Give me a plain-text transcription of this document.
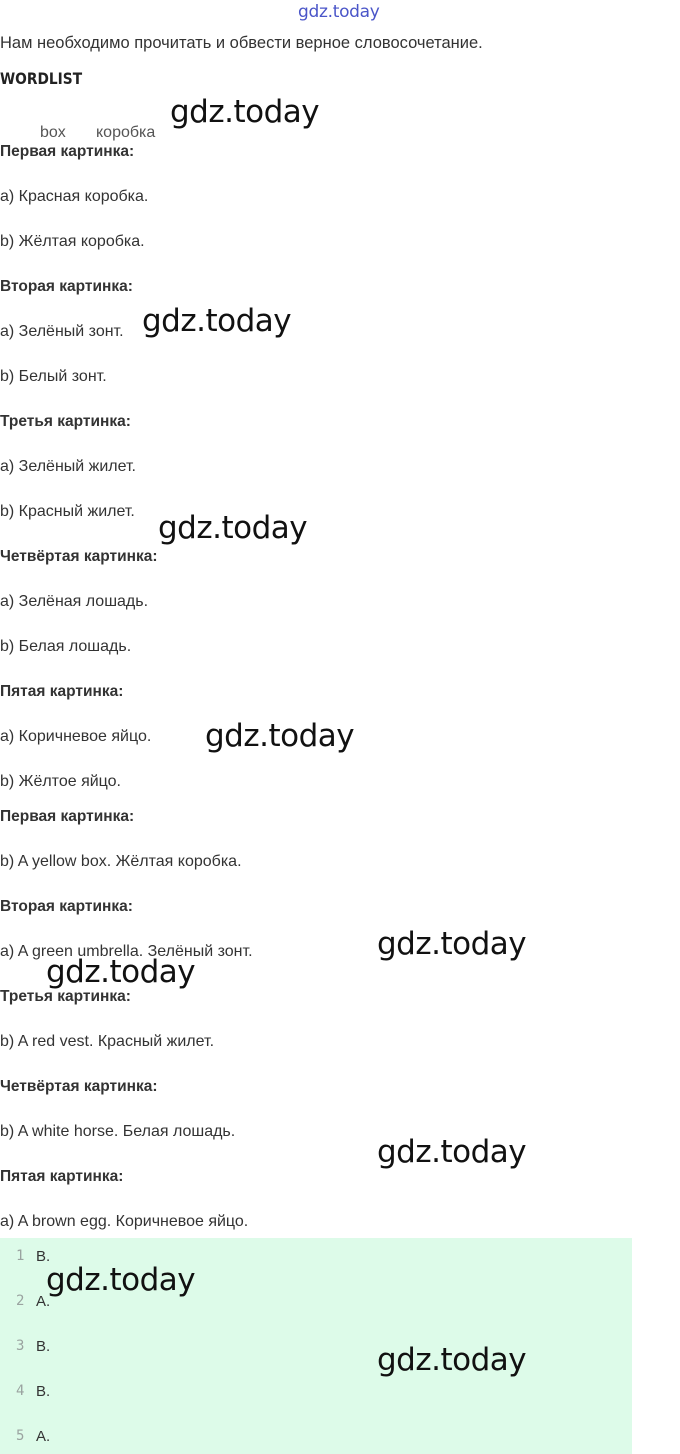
gdz.today
Нам необходимо прочитать и обвести верное словосочетание.
WORDLIST
box коробка
Первая картинка:
a) Красная коробка.
b) Жёлтая коробка.
Вторая картинка:
a) Зелёный зонт.
b) Белый зонт.
Третья картинка:
a) Зелёный жилет.
b) Красный жилет.
Четвёртая картинка:
a) Зелёная лошадь.
b) Белая лошадь.
Пятая картинка:
a) Коричневое яйцо.
b) Жёлтое яйцо.
Первая картинка:
b) A yellow box. Жёлтая коробка.
Вторая картинка:
a) A green umbrella. Зелёный зонт.
Третья картинка:
b) A red vest. Красный жилет.
Четвёртая картинка:
b) A white horse. Белая лошадь.
Пятая картинка:
a) A brown egg. Коричневое яйцо.
1 B.
2 A.
3 B.
4 B.
5 A.
gdz.today
gdz.today
gdz.today
gdz.today
gdz.today
gdz.today
gdz.today
gdz.today
gdz.today
